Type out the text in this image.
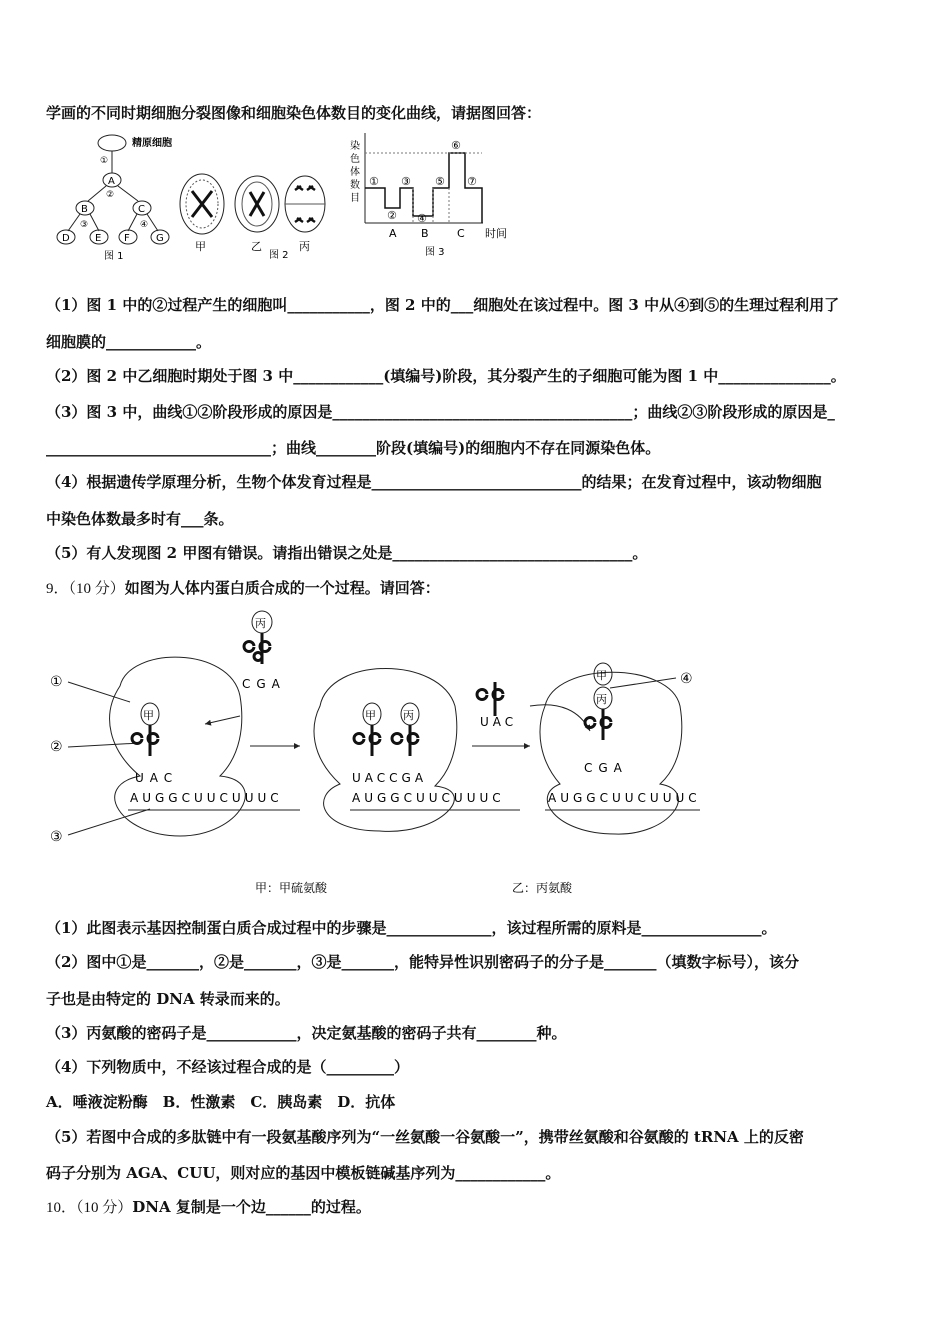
学画的不同时期细胞分裂图像和细胞染色体数目的变化曲线，请据图回答：
精原细胞
①
A
②
B	C
③	④
D	E F	G
图 1
甲	乙	丙
图 2
染
色
体
数
目
①
②
③
④
⑤
⑥
⑦
A B	C 时间
图 3
（1）图 1 中的②过程产生的细胞叫___________，图 2 中的___细胞处在该过程中。图 3 中从④到⑤的生理过程利用了
细胞膜的____________。
（2）图 2 中乙细胞时期处于图 3 中____________(填编号)阶段，其分裂产生的子细胞可能为图 1 中_______________。
（3）图 3 中，曲线①②阶段形成的原因是________________________________________；曲线②③阶段形成的原因是_
______________________________；曲线________阶段(填编号)的细胞内不存在同源染色体。
（4）根据遗传学原理分析，生物个体发育过程是____________________________的结果；在发育过程中，该动物细胞
中染色体数最多时有___条。
（5）有人发现图 2 甲图有错误。请指出错误之处是________________________________。
9．（10 分）如图为人体内蛋白质合成的一个过程。请回答：
①
②
③
④
丙
CGA
甲
UAC
AUGGCUUCUUUC
甲 丙
UACCGA
AUGGCUUCUUUC
UAC
甲
丙
CGA
AUGGCUUCUUUC
甲：甲硫氨酸	乙：丙氨酸
（1）此图表示基因控制蛋白质合成过程中的步骤是______________，该过程所需的原料是________________。
（2）图中①是_______，②是_______，③是_______，能特异性识别密码子的分子是_______（填数字标号），该分
子也是由特定的 DNA 转录而来的。
（3）丙氨酸的密码子是____________，决定氨基酸的密码子共有________种。
（4）下列物质中，不经该过程合成的是（_________）
A．唾液淀粉酶　B．性激素　C．胰岛素　D．抗体
（5）若图中合成的多肽链中有一段氨基酸序列为“一丝氨酸一谷氨酸一”，携带丝氨酸和谷氨酸的 tRNA 上的反密
码子分别为 AGA、CUU，则对应的基因中模板链碱基序列为____________。
10．（10 分）DNA 复制是一个边______的过程。
